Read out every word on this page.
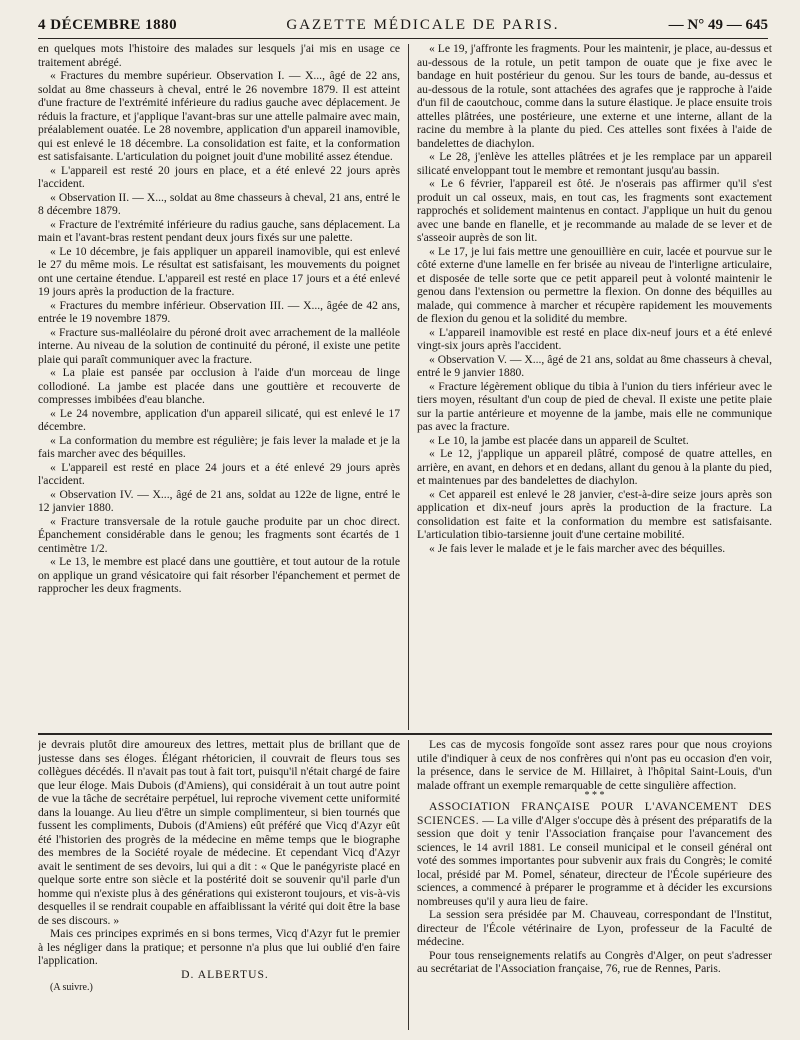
4 DÉCEMBRE 1880	GAZETTE MÉDICALE DE PARIS.	— N° 49 — 645

en quelques mots l'histoire des malades sur lesquels j'ai mis en usage ce traitement abrégé.

« Fractures du membre supérieur. Observation I. — X..., âgé de 22 ans, soldat au 8me chasseurs à cheval, entré le 26 novembre 1879. Il est atteint d'une fracture de l'extrémité inférieure du radius gauche avec déplacement. Je réduis la fracture, et j'applique l'avant-bras sur une attelle palmaire avec main, préalablement ouatée. Le 28 novembre, application d'un appareil inamovible, qui est enlevé le 18 décembre. La consolidation est faite, et la conformation est satisfaisante. L'articulation du poignet jouit d'une mobilité assez étendue.

« L'appareil est resté 20 jours en place, et a été enlevé 22 jours après l'accident.

« Observation II. — X..., soldat au 8me chasseurs à cheval, 21 ans, entré le 8 décembre 1879.

« Fracture de l'extrémité inférieure du radius gauche, sans déplacement. La main et l'avant-bras restent pendant deux jours fixés sur une palette.

« Le 10 décembre, je fais appliquer un appareil inamovible, qui est enlevé le 27 du même mois. Le résultat est satisfaisant, les mouvements du poignet ont une certaine étendue. L'appareil est resté en place 17 jours et a été enlevé 19 jours après la production de la fracture.

« Fractures du membre inférieur. Observation III. — X..., âgée de 42 ans, entrée le 19 novembre 1879.

« Fracture sus-malléolaire du péroné droit avec arrachement de la malléole interne. Au niveau de la solution de continuité du péroné, il existe une petite plaie qui paraît communiquer avec la fracture.

« La plaie est pansée par occlusion à l'aide d'un morceau de linge collodioné. La jambe est placée dans une gouttière et recouverte de compresses imbibées d'eau blanche.

« Le 24 novembre, application d'un appareil silicaté, qui est enlevé le 17 décembre.

« La conformation du membre est régulière; je fais lever la malade et je la fais marcher avec des béquilles.

« L'appareil est resté en place 24 jours et a été enlevé 29 jours après l'accident.

« Observation IV. — X..., âgé de 21 ans, soldat au 122e de ligne, entré le 12 janvier 1880.

« Fracture transversale de la rotule gauche produite par un choc direct. Épanchement considérable dans le genou; les fragments sont écartés de 1 centimètre 1/2.

« Le 13, le membre est placé dans une gouttière, et tout autour de la rotule on applique un grand vésicatoire qui fait résorber l'épanchement et permet de rapprocher les deux fragments.

« Le 19, j'affronte les fragments. Pour les maintenir, je place, au-dessus et au-dessous de la rotule, un petit tampon de ouate que je fixe avec le bandage en huit postérieur du genou. Sur les tours de bande, au-dessus et au-dessous de la rotule, sont attachées des agrafes que je rapproche à l'aide d'un fil de caoutchouc, comme dans la suture élastique. Je place ensuite trois attelles plâtrées, une postérieure, une externe et une interne, allant de la racine du membre à la plante du pied. Ces attelles sont fixées à l'aide de bandelettes de diachylon.

« Le 28, j'enlève les attelles plâtrées et je les remplace par un appareil silicaté enveloppant tout le membre et remontant jusqu'au bassin.

« Le 6 février, l'appareil est ôté. Je n'oserais pas affirmer qu'il s'est produit un cal osseux, mais, en tout cas, les fragments sont exactement rapprochés et solidement maintenus en contact. J'applique un huit du genou avec une bande en flanelle, et je recommande au malade de se lever et de s'asseoir auprès de son lit.

« Le 17, je lui fais mettre une genouillière en cuir, lacée et pourvue sur le côté externe d'une lamelle en fer brisée au niveau de l'interligne articulaire, et disposée de telle sorte que ce petit appareil peut à volonté maintenir le genou dans l'extension ou permettre la flexion. On donne des béquilles au malade, qui commence à marcher et récupère rapidement les mouvements de flexion du genou et la solidité du membre.

« L'appareil inamovible est resté en place dix-neuf jours et a été enlevé vingt-six jours après l'accident.

« Observation V. — X..., âgé de 21 ans, soldat au 8me chasseurs à cheval, entré le 9 janvier 1880.

« Fracture légèrement oblique du tibia à l'union du tiers inférieur avec le tiers moyen, résultant d'un coup de pied de cheval. Il existe une petite plaie sur la partie antérieure et moyenne de la jambe, mais elle ne communique pas avec la fracture.

« Le 10, la jambe est placée dans un appareil de Scultet.

« Le 12, j'applique un appareil plâtré, composé de quatre attelles, en arrière, en avant, en dehors et en dedans, allant du genou à la plante du pied, et maintenues par des bandelettes de diachylon.

« Cet appareil est enlevé le 28 janvier, c'est-à-dire seize jours après son application et dix-neuf jours après la production de la fracture. La consolidation est faite et la conformation du membre est satisfaisante. L'articulation tibio-tarsienne jouit d'une certaine mobilité.

« Je fais lever le malade et je le fais marcher avec des béquilles.

je devrais plutôt dire amoureux des lettres, mettait plus de brillant que de justesse dans ses éloges. Élégant rhétoricien, il couvrait de fleurs tous ses collègues décédés. Il n'avait pas tout à fait tort, puisqu'il n'était chargé de faire que leur éloge. Mais Dubois (d'Amiens), qui considérait à un tout autre point de vue la tâche de secrétaire perpétuel, lui reproche vivement cette uniformité dans la louange. Au lieu d'être un simple complimenteur, si bien tournés que fussent les compliments, Dubois (d'Amiens) eût préféré que Vicq d'Azyr eût été l'historien des progrès de la médecine en même temps que le biographe des membres de la Société royale de médecine. Et cependant Vicq d'Azyr avait le sentiment de ses devoirs, lui qui a dit : « Que le panégyriste placé en quelque sorte entre son siècle et la postérité doit se souvenir qu'il parle d'un homme qui n'existe plus à des générations qui existeront toujours, et vis-à-vis desquelles il se rendrait coupable en affaiblissant la vérité qui doit être la base de ses discours. »

Mais ces principes exprimés en si bons termes, Vicq d'Azyr fut le premier à les négliger dans la pratique; et personne n'a plus que lui oublié d'en faire l'application.

D. ALBERTUS.

(A suivre.)

Les cas de mycosis fongoïde sont assez rares pour que nous croyions utile d'indiquer à ceux de nos confrères qui n'ont pas eu occasion d'en voir, la présence, dans le service de M. Hillairet, à l'hôpital Saint-Louis, d'un malade offrant un exemple remarquable de cette singulière affection.

* * *

ASSOCIATION FRANÇAISE POUR L'AVANCEMENT DES SCIENCES. — La ville d'Alger s'occupe dès à présent des préparatifs de la session que doit y tenir l'Association française pour l'avancement des sciences, le 14 avril 1881. Le conseil municipal et le conseil général ont voté des sommes importantes pour subvenir aux frais du Congrès; le comité local, présidé par M. Pomel, sénateur, directeur de l'École supérieure des sciences, a commencé à préparer le programme et à décider les excursions nombreuses qu'il y aura lieu de faire.

La session sera présidée par M. Chauveau, correspondant de l'Institut, directeur de l'École vétérinaire de Lyon, professeur de la Faculté de médecine.

Pour tous renseignements relatifs au Congrès d'Alger, on peut s'adresser au secrétariat de l'Association française, 76, rue de Rennes, Paris.
